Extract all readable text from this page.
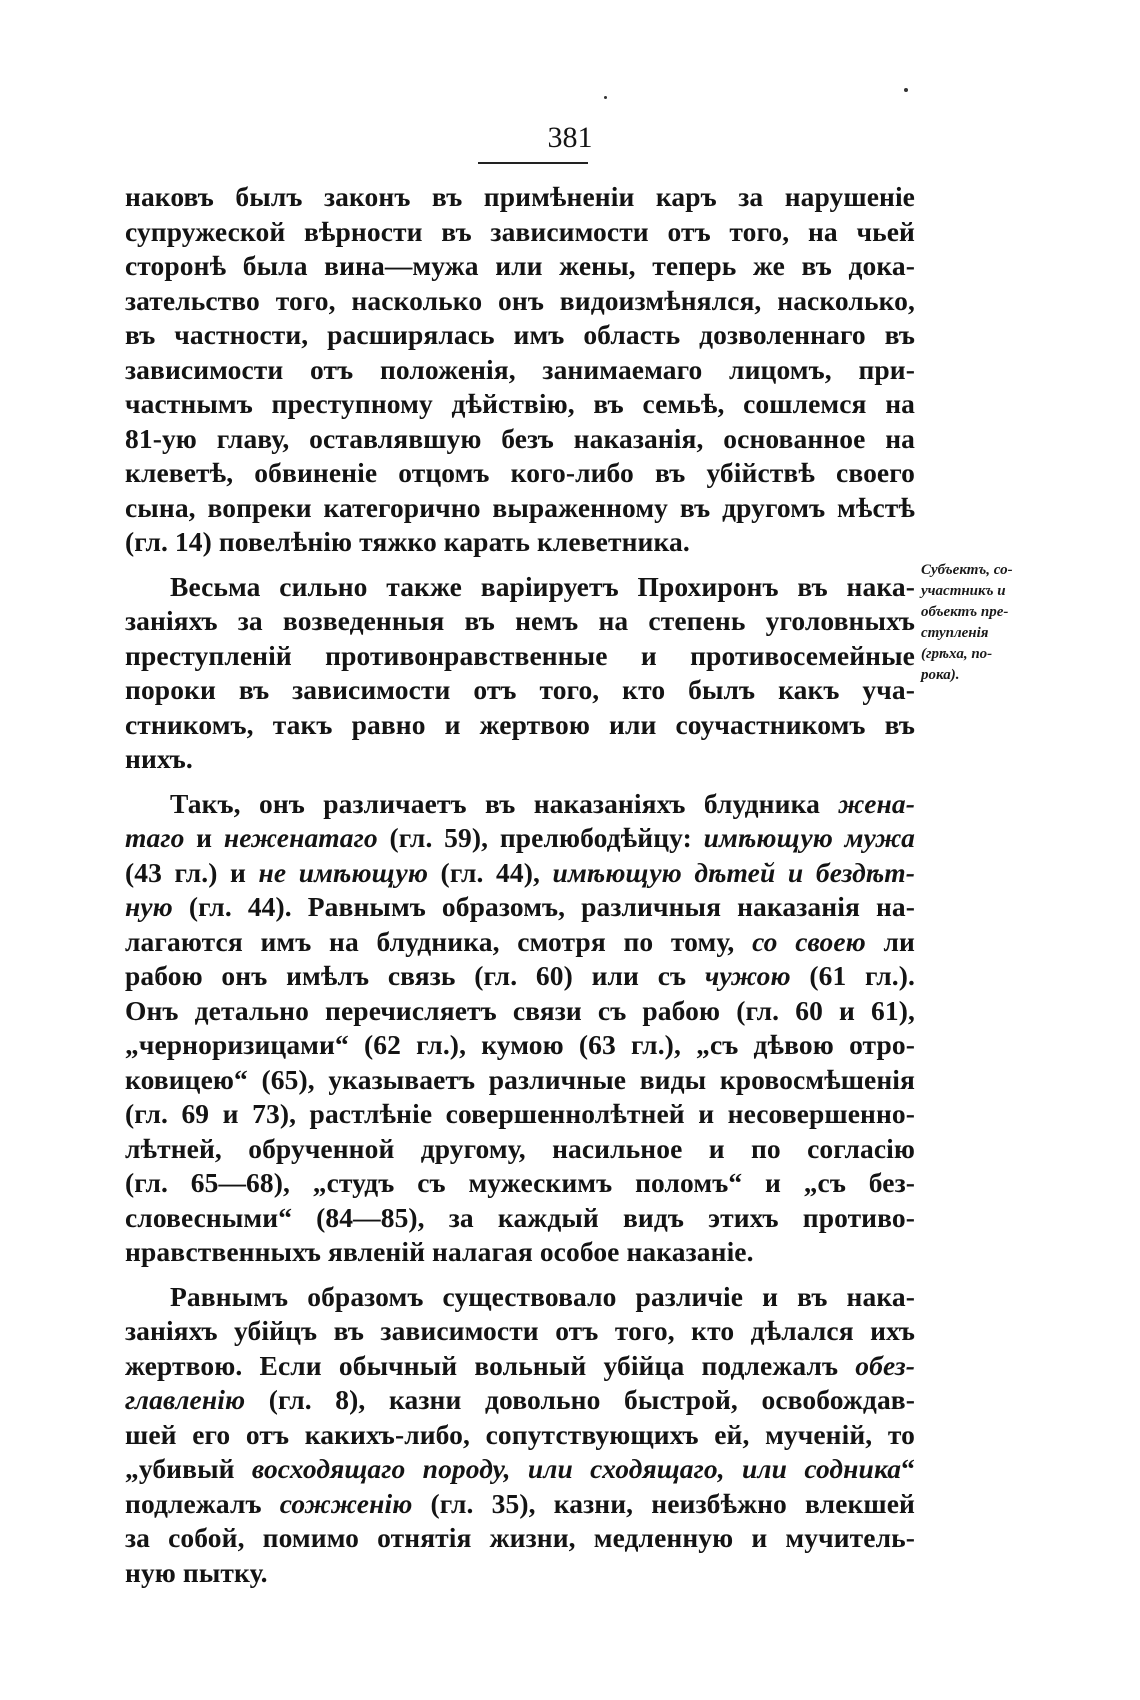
381
наковъ былъ законъ въ примѣненіи каръ за нарушеніе
супружеской вѣрности въ зависимости отъ того, на чьей
сторонѣ была вина—мужа или жены, теперь же въ дока-
зательство того, насколько онъ видоизмѣнялся, насколько,
въ частности, расширялась имъ область дозволеннаго въ
зависимости отъ положенія, занимаемаго лицомъ, при-
частнымъ преступному дѣйствію, въ семьѣ, сошлемся на
81-ую главу, оставлявшую безъ наказанія, основанное на
клеветѣ, обвиненіе отцомъ кого-либо въ убійствѣ своего
сына, вопреки категорично выраженному въ другомъ мѣстѣ
(гл. 14) повелѣнію тяжко карать клеветника.
Весьма сильно также варіируетъ Прохиронъ въ нака-
заніяхъ за возведенныя въ немъ на степень уголовныхъ
преступленій противонравственные и противосемейные
пороки въ зависимости отъ того, кто былъ какъ уча-
стникомъ, такъ равно и жертвою или соучастникомъ въ
нихъ.
Такъ, онъ различаетъ въ наказаніяхъ блудника жена-
таго и неженатаго (гл. 59), прелюбодѣйцу: имѣющую мужа
(43 гл.) и не имѣющую (гл. 44), имѣющую дѣтей и бездѣт-
ную (гл. 44). Равнымъ образомъ, различныя наказанія на-
лагаются имъ на блудника, смотря по тому, со своею ли
рабою онъ имѣлъ связь (гл. 60) или съ чужою (61 гл.).
Онъ детально перечисляетъ связи съ рабою (гл. 60 и 61),
„черноризицами“ (62 гл.), кумою (63 гл.), „съ дѣвою отро-
ковицею“ (65), указываетъ различные виды кровосмѣшенія
(гл. 69 и 73), растлѣніе совершеннолѣтней и несовершенно-
лѣтней, обрученной другому, насильное и по согласію
(гл. 65—68), „студъ съ мужескимъ поломъ“ и „съ без-
словесными“ (84—85), за каждый видъ этихъ противо-
нравственныхъ явленій налагая особое наказаніе.
Равнымъ образомъ существовало различіе и въ нака-
заніяхъ убійцъ въ зависимости отъ того, кто дѣлался ихъ
жертвою. Если обычный вольный убійца подлежалъ обез-
главленію (гл. 8), казни довольно быстрой, освобождав-
шей его отъ какихъ-либо, сопутствующихъ ей, мученій, то
„убивый восходящаго породу, или сходящаго, или содника“
подлежалъ сожженію (гл. 35), казни, неизбѣжно влекшей
за собой, помимо отнятія жизни, медленную и мучитель-
ную пытку.
Субъектъ, со-
участникъ и
объектъ пре-
ступленія
(грѣха, по-
рока).
